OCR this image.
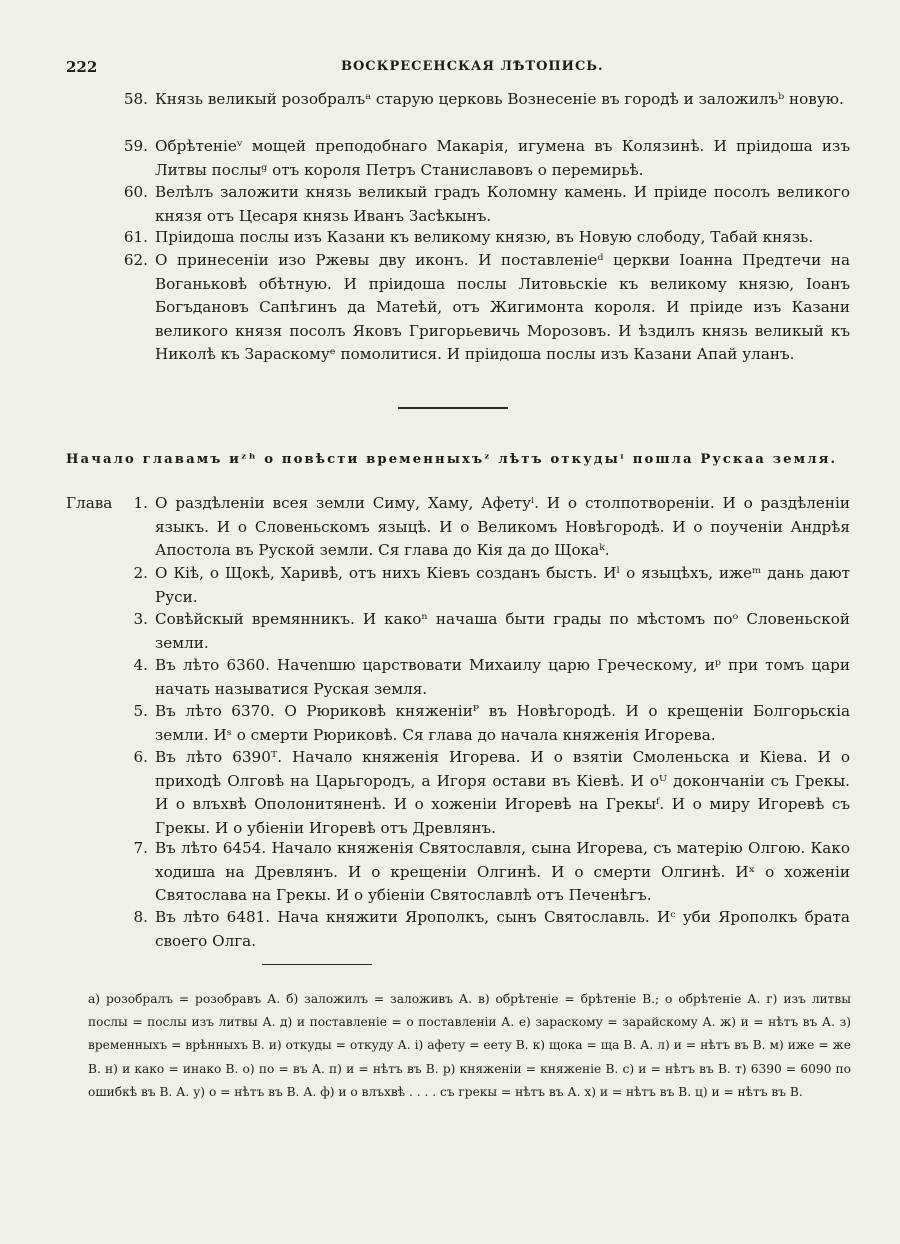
222	ВОСКРЕСЕНСКАЯ ЛѢТОПИСЬ.
58. Князь великый розобралъᵃ старую церковь Вознесеніе въ городѣ и заложилъᵇ новую.
59. Обрѣтеніеᵛ мощей преподобнаго Макарія, игумена въ Колязинѣ. И пріидоша изъ Литвы послыᵍ отъ короля Петръ Станиславовъ о перемирьѣ.
60. Велѣлъ заложити князь великый градъ Коломну камень. И пріиде посолъ великого князя отъ Цесаря князь Иванъ Засѣкынъ.
61. Пріидоша послы изъ Казани къ великому князю, въ Новую слободу, Табай князь.
62. О принесеніи изо Ржевы дву иконъ. И поставленіеᵈ церкви Іоанна Предтечи на Воганьковѣ обѣтную. И пріидоша послы Литовьскіе къ великому князю, Іоанъ Богъдановъ Сапѣгинъ да Матеѣй, отъ Жигимонта короля. И пріиде изъ Казани великого князя посолъ Яковъ Григорьевичь Морозовъ. И ѣздилъ князь великый къ Николѣ къ Зараскомуᵉ помолитися. И пріидоша послы изъ Казани Апай уланъ.
Начало главамъ иᶻʰ о повѣсти временныхъᶻ лѣтъ откудыᶦ пошла Рускаа земля.
Глава	1. О раздѣленіи всея земли Симу, Хаму, Афетуⁱ. И о столпотвореніи. И о раздѣленіи языкъ. И о Словеньскомъ языцѣ. И о Великомъ Новѣгородѣ. И о поученіи Андрѣя Апостола въ Руской земли. Ся глава до Кія да до Щокаᵏ.
2. О Кіѣ, о Щокѣ, Харивѣ, отъ нихъ Кіевъ созданъ бысть. Иˡ о языцѣхъ, ижеᵐ дань дают Руси.
3. Совѣйскый времянникъ. И какоⁿ начаша быти грады по мѣстомъ поᵒ Словеньской земли.
4. Въ лѣто 6360. Начеnшю царствовати Михаилу царю Греческому, иᵖ при томъ цари начать называтися Руская земля.
5. Въ лѣто 6370. О Рюриковѣ княженіиᴾ въ Новѣгородѣ. И о крещеніи Болгорьскіа земли. Иˢ о смерти Рюриковѣ. Ся глава до начала княженія Игорева.
6. Въ лѣто 6390ᵀ. Начало княженія Игорева. И о взятіи Смоленьска и Кіева. И о приходѣ Олговѣ на Царьгородъ, а Игоря остави въ Кіевѣ. И оᵁ докончаніи съ Грекы. И о влъхвѣ Ополонитяненѣ. И о хоженіи Игоревѣ на Грекыᶠ. И о миру Игоревѣ съ Грекы. И о убіеніи Игоревѣ отъ Древлянъ.
7. Въ лѣто 6454. Начало княженія Святославля, сына Игорева, съ матерію Олгою. Како ходиша на Древлянъ. И о крещеніи Олгинѣ. И о смерти Олгинѣ. Иˣ о хоженіи Святослава на Грекы. И о убіеніи Святославлѣ отъ Печенѣгъ.
8. Въ лѣто 6481. Нача княжити Ярополкъ, сынъ Святославль. Иᶜ уби Ярополкъ брата своего Олга.
а) розобралъ = розобравъ А. б) заложилъ = заложивъ А. в) обрѣтеніе = брѣтеніе В.; о обрѣтеніе А. г) изъ литвы послы = послы изъ литвы А. д) и поставленіе = о поставленіи А. е) зараскому = зарайскому А. ж) и = нѣтъ въ А. з) временныхъ = врѣнныхъ В. и) откуды = откуду А. і) афету = еету В. к) щока = ща В. А. л) и = нѣтъ въ В. м) иже = же В. н) и како = инако В. о) по = въ А. п) и = нѣтъ въ В. р) княженіи = княженіе В. с) и = нѣтъ въ В. т) 6390 = 6090 по ошибкѣ въ В. А. у) о = нѣтъ въ В. А. ф) и о влъхвѣ . . . . съ грекы = нѣтъ въ А. х) и = нѣтъ въ В. ц) и = нѣтъ въ В.
